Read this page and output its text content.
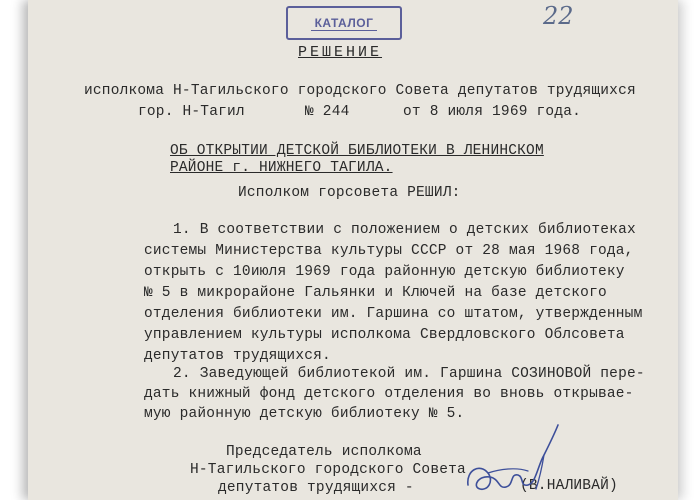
КАТАЛОГ	22
РЕШЕНИЕ
исполкома Н-Тагильского городского Совета депутатов трудящихся
гор. Н-Тагил	№ 244	от 8 июля 1969 года.
ОБ ОТКРЫТИИ ДЕТСКОЙ БИБЛИОТЕКИ В ЛЕНИНСКОМ
РАЙОНЕ г. НИЖНЕГО ТАГИЛА.
Исполком горсовета РЕШИЛ:
1. В соответствии с положением о детских библиотеках
системы Министерства культуры СССР от 28 мая 1968 года,
открыть с 10июля 1969 года районную детскую библиотеку
№ 5 в микрорайоне Гальянки и Ключей на базе детского
отделения библиотеки им. Гаршина со штатом, утвержденным
управлением культуры исполкома Свердловского Облсовета
депутатов трудящихся.
2. Заведующей библиотекой им. Гаршина СОЗИНОВОЙ пере-
дать книжный фонд детского отделения во вновь открывае-
мую районную детскую библиотеку № 5.
Председатель исполкома
Н-Тагильского городского Совета
депутатов трудящихся -	(В.НАЛИВАЙ)
